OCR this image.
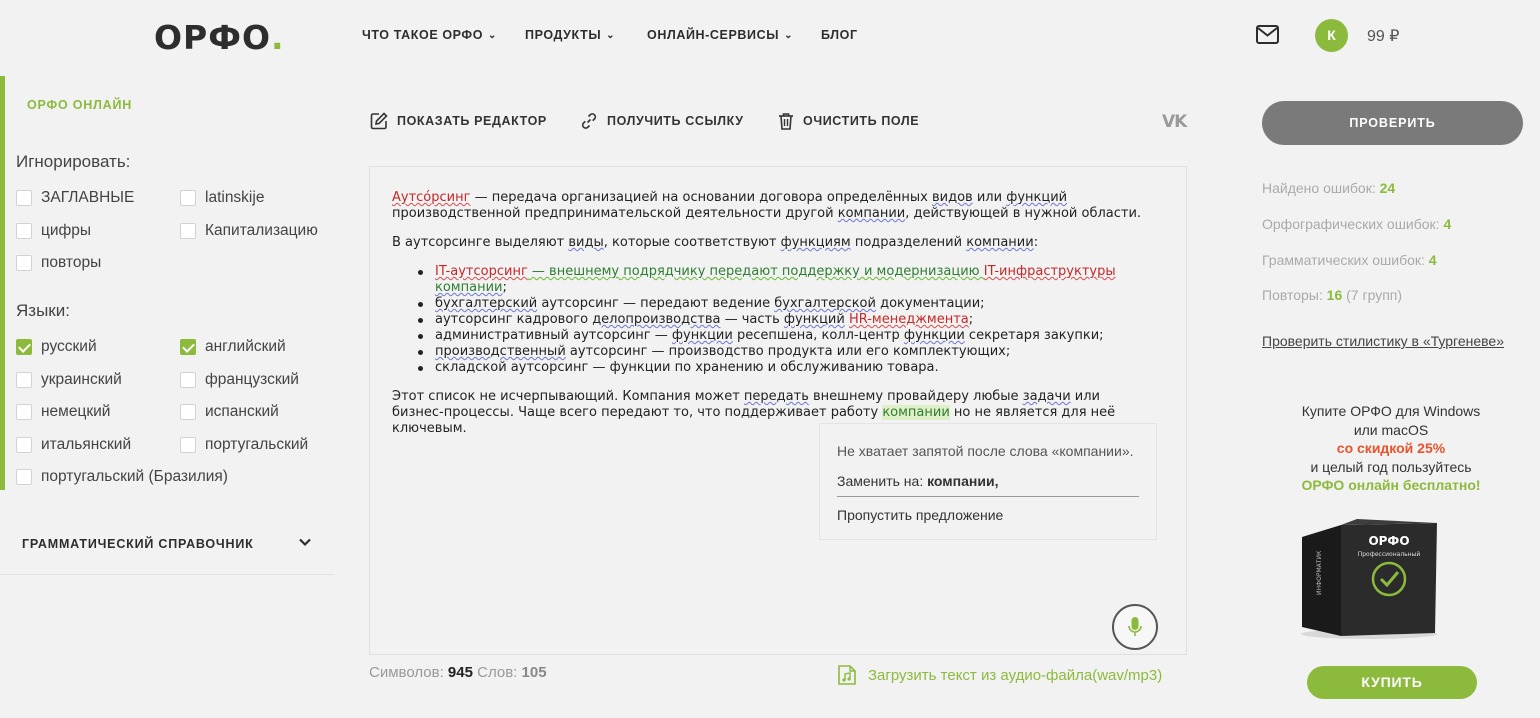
ОРФО.	ЧТО ТАКОЕ ОРФО ⌄ ПРОДУКТЫ ⌄	ОНЛАЙН-СЕРВИСЫ ⌄ БЛОГ	К	99 ₽
ОРФО ОНЛАЙН
Игнорировать:
ЗАГЛАВНЫЕ	latinskije
цифры	Капитализацию
повторы
Языки:
русский	английский
украинский	французский
немецкий	испанский
итальянский	португальский
португальский (Бразилия)
ГРАММАТИЧЕСКИЙ СПРАВОЧНИК
ПОКАЗАТЬ РЕДАКТОР	ПОЛУЧИТЬ ССЫЛКУ	ОЧИСТИТЬ ПОЛЕ	VK

Аутсо́рсинг — передача организацией на основании договора определённых видов или функций производственной предпринимательской деятельности другой компании, действующей в нужной области.

В аутсорсинге выделяют виды, которые соответствуют функциям подразделений компании:

IT-аутсорсинг — внешнему подрядчику передают поддержку и модернизацию IT-инфраструктуры компании;
бухгалтерский аутсорсинг — передают ведение бухгалтерской документации;
аутсорсинг кадрового делопроизводства — часть функций HR-менеджмента;
административный аутсорсинг — функции ресепшена, колл-центр функции секретаря закупки;
производственный аутсорсинг — производство продукта или его комплектующих;
складской аутсорсинг — функции по хранению и обслуживанию товара.

Этот список не исчерпывающий. Компания может передать внешнему провайдеру любые задачи или бизнес-процессы. Чаще всего передают то, что поддерживает работу компании но не является для неё ключевым.

Не хватает запятой после слова «компании».
Заменить на: компании,
Пропустить предложение
Символов: 945 Слов: 105	Загрузить текст из аудио-файла(wav/mp3)
ПРОВЕРИТЬ
Найдено ошибок: 24
Орфографических ошибок: 4
Грамматических ошибок: 4
Повторы: 16 (7 групп)
Проверить стилистику в «Тургеневе»
Купите ОРФО для Windows
или macOS
со скидкой 25%
и целый год пользуйтесь
ОРФО онлайн бесплатно!
ОРФО
Профессиональный
ИНФОРМАТИК
КУПИТЬ
